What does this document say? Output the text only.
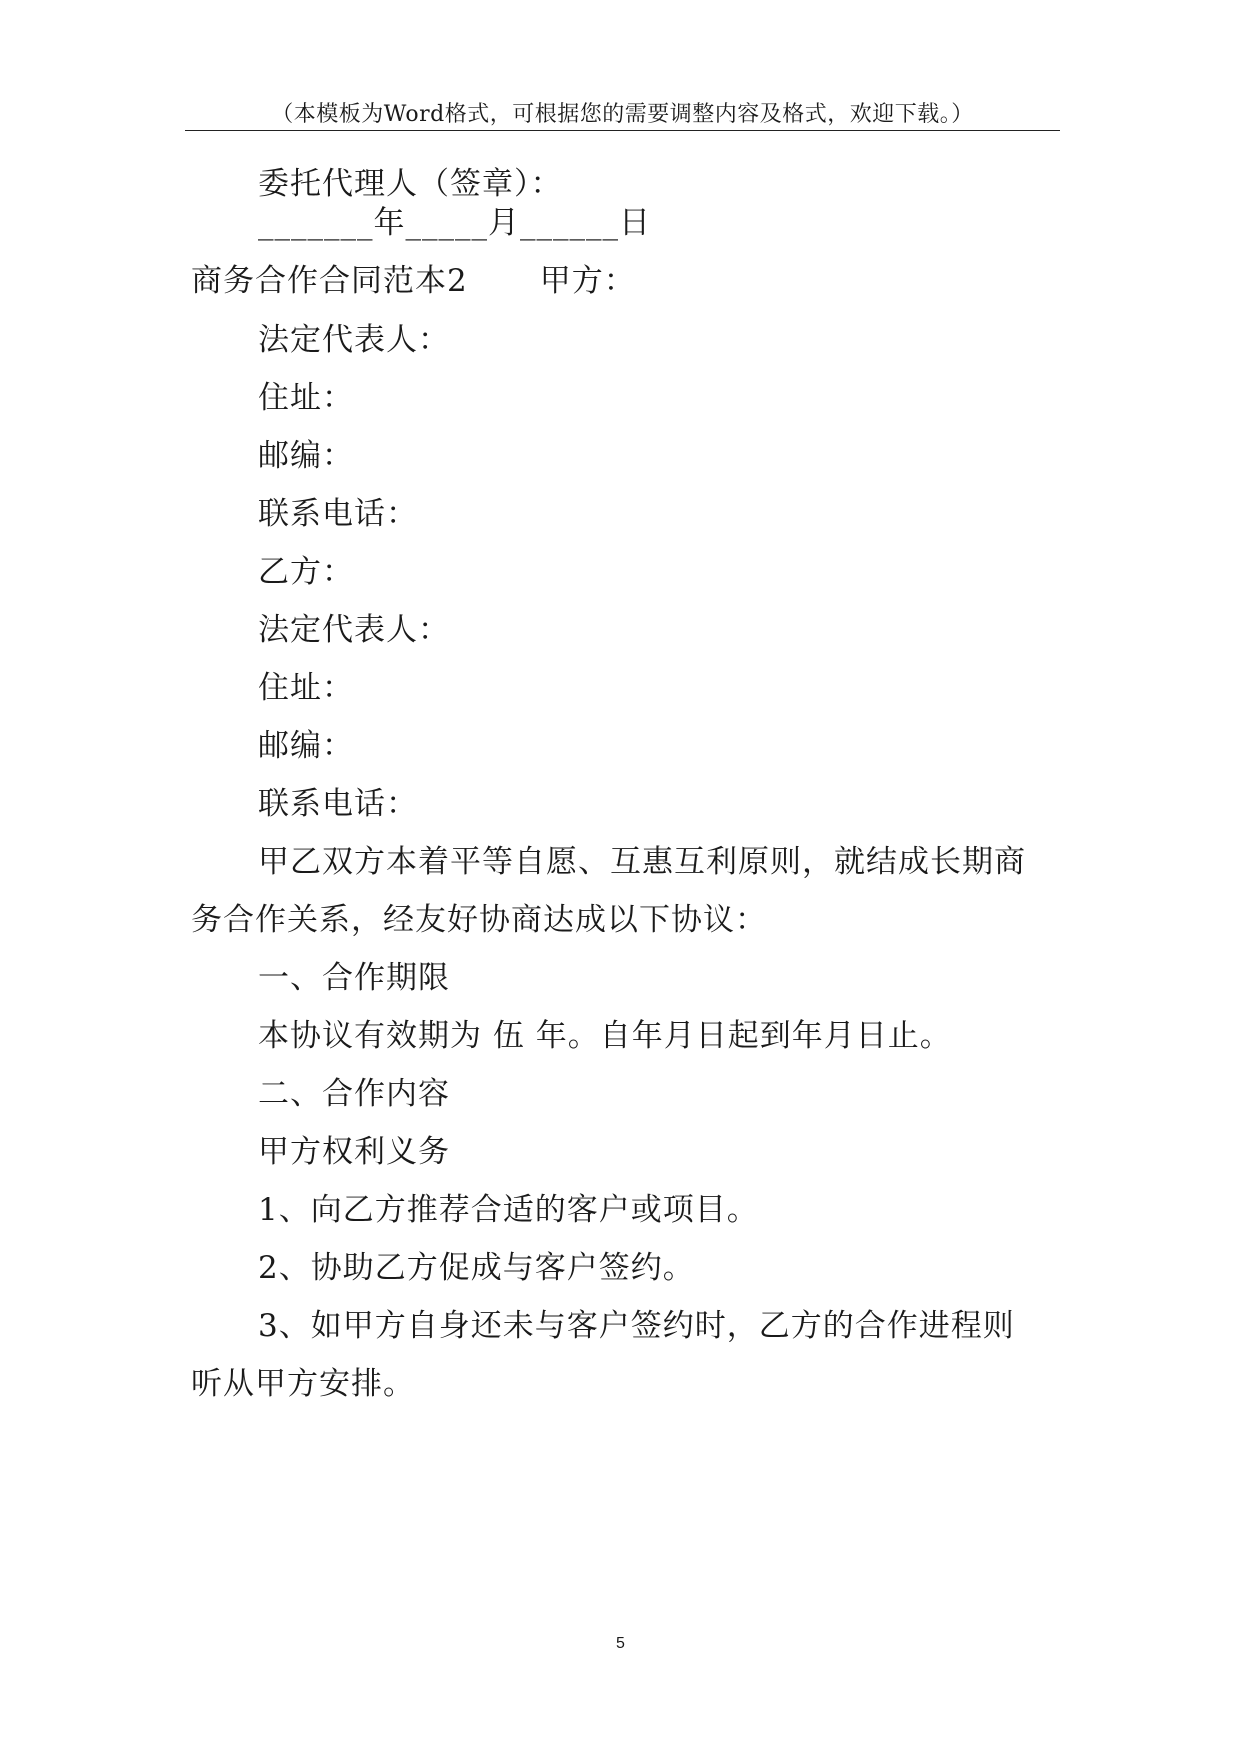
（本模板为Word格式，可根据您的需要调整内容及格式，欢迎下载。）
委托代理人（签章）：
_______年_____月______日
商务合作合同范本2 甲方：
法定代表人：
住址：
邮编：
联系电话：
乙方：
法定代表人：
住址：
邮编：
联系电话：
甲乙双方本着平等自愿、互惠互利原则，就结成长期商
务合作关系，经友好协商达成以下协议：
一、合作期限
本协议有效期为 伍 年。自年月日起到年月日止。
二、合作内容
甲方权利义务
1、向乙方推荐合适的客户或项目。
2、协助乙方促成与客户签约。
3、如甲方自身还未与客户签约时，乙方的合作进程则
听从甲方安排。
5
